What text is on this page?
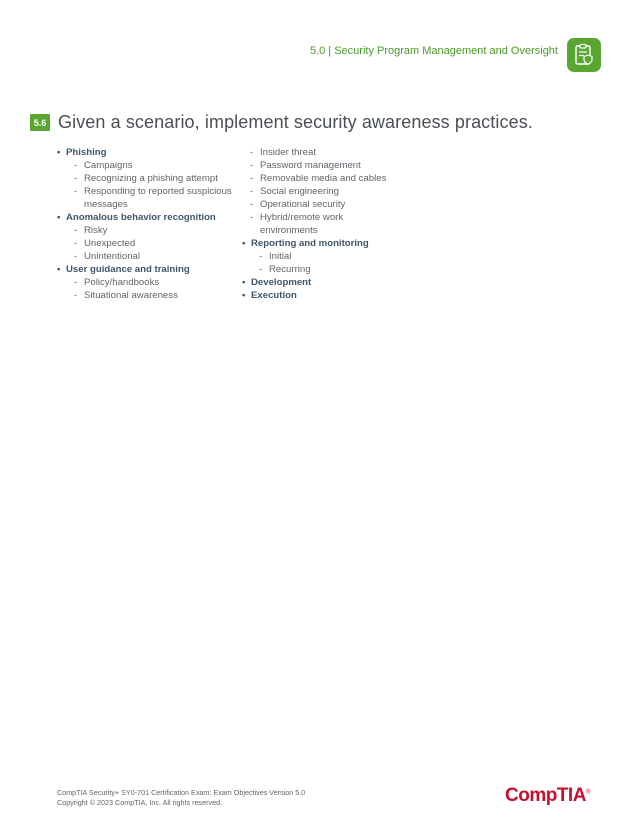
5.0 | Security Program Management and Oversight
5.6 Given a scenario, implement security awareness practices.
• Phishing
- Campaigns
- Recognizing a phishing attempt
- Responding to reported suspicious messages
• Anomalous behavior recognition
- Risky
- Unexpected
- Unintentional
• User guidance and training
- Policy/handbooks
- Situational awareness
- Insider threat
- Password management
- Removable media and cables
- Social engineering
- Operational security
- Hybrid/remote work environments
• Reporting and monitoring
- Initial
- Recurring
• Development
• Execution
CompTIA Security+ SY0-701 Certification Exam: Exam Objectives Version 5.0
Copyright © 2023 CompTIA, Inc. All rights reserved.	CompTIA®
